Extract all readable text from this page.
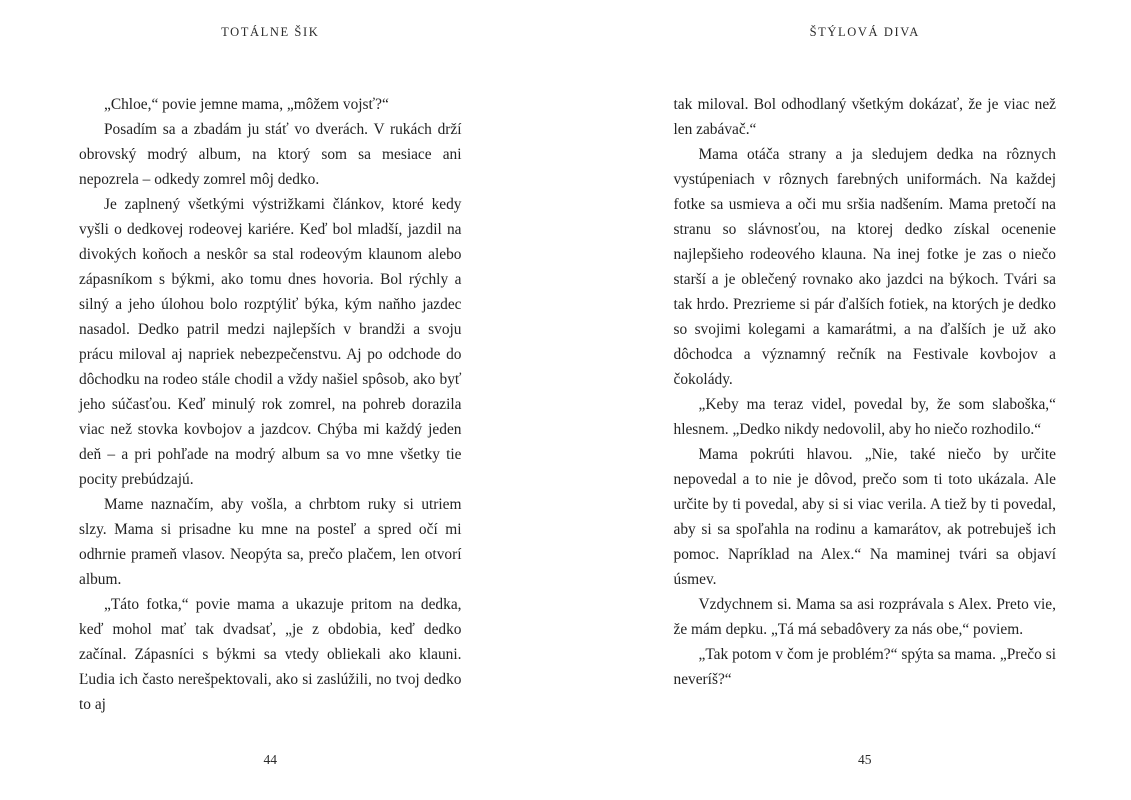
TOTÁLNE ŠIK

„Chloe,“ povie jemne mama, „môžem vojsť?“

Posadím sa a zbadám ju stáť vo dverách. V rukách drží obrovský modrý album, na ktorý som sa mesiace ani nepozrela – odkedy zomrel môj dedko.

Je zaplnený všetkými výstrižkami článkov, ktoré kedy vyšli o dedkovej rodeovej kariére. Keď bol mladší, jazdil na divokých koňoch a neskôr sa stal rodeovým klaunom alebo zápasníkom s býkmi, ako tomu dnes hovoria. Bol rýchly a silný a jeho úlohou bolo rozptýliť býka, kým naňho jazdec nasadol. Dedko patril medzi najlepších v brandži a svoju prácu miloval aj napriek nebezpečenstvu. Aj po odchode do dôchodku na rodeo stále chodil a vždy našiel spôsob, ako byť jeho súčasťou. Keď minulý rok zomrel, na pohreb dorazila viac než stovka kovbojov a jazdcov. Chýba mi každý jeden deň – a pri pohľade na modrý album sa vo mne všetky tie pocity prebúdzajú.

Mame naznačím, aby vošla, a chrbtom ruky si utriem slzy. Mama si prisadne ku mne na posteľ a spred očí mi odhrnie prameň vlasov. Neopýta sa, prečo plačem, len otvorí album.

„Táto fotka,“ povie mama a ukazuje pritom na dedka, keď mohol mať tak dvadsať, „je z obdobia, keď dedko začínal. Zápasníci s býkmi sa vtedy obliekali ako klauni. Ľudia ich často nerešpektovali, ako si zaslúžili, no tvoj dedko to aj

44
ŠTÝLOVÁ DIVA

tak miloval. Bol odhodlaný všetkým dokázať, že je viac než len zabávač.“

Mama otáča strany a ja sledujem dedka na rôznych vystúpeniach v rôznych farebných uniformách. Na každej fotke sa usmieva a oči mu sršia nadšením. Mama pretočí na stranu so slávnosťou, na ktorej dedko získal ocenenie najlepšieho rodeového klauna. Na inej fotke je zas o niečo starší a je oblečený rovnako ako jazdci na býkoch. Tvári sa tak hrdo. Prezrieme si pár ďalších fotiek, na ktorých je dedko so svojimi kolegami a kamarátmi, a na ďalších je už ako dôchodca a významný rečník na Festivale kovbojov a čokolády.

„Keby ma teraz videl, povedal by, že som slaboška,“ hlesnem. „Dedko nikdy nedovolil, aby ho niečo rozhodilo.“

Mama pokrúti hlavou. „Nie, také niečo by určite nepovedal a to nie je dôvod, prečo som ti toto ukázala. Ale určite by ti povedal, aby si si viac verila. A tiež by ti povedal, aby si sa spoľahla na rodinu a kamarátov, ak potrebuješ ich pomoc. Napríklad na Alex.“ Na maminej tvári sa objaví úsmev.

Vzdychnem si. Mama sa asi rozprávala s Alex. Preto vie, že mám depku. „Tá má sebadôvery za nás obe,“ poviem.

„Tak potom v čom je problém?“ spýta sa mama. „Prečo si neveríš?“

45
